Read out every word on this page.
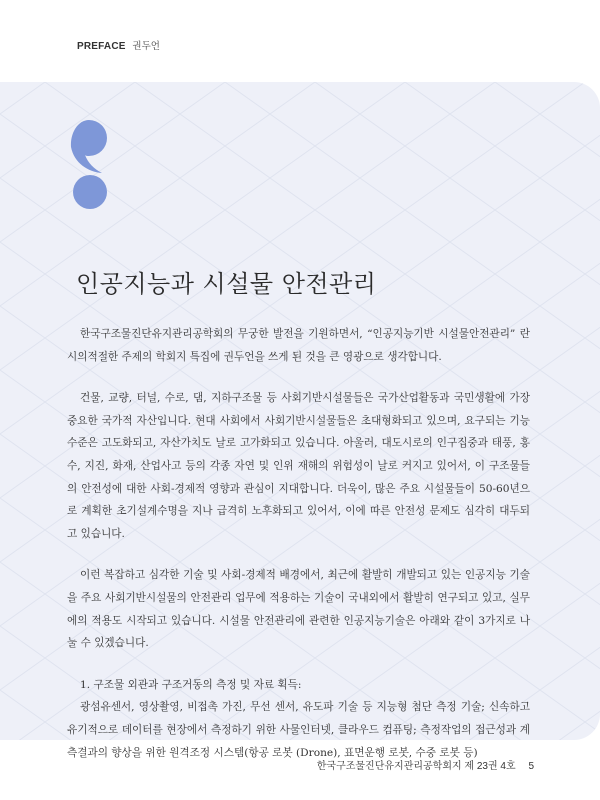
PREFACE 권두언
인공지능과 시설물 안전관리

한국구조물진단유지관리공학회의 무궁한 발전을 기원하면서, “인공지능기반 시설물안전관리” 란 시의적절한 주제의 학회지 특집에 권두언을 쓰게 된 것을 큰 영광으로 생각합니다.

건물, 교량, 터널, 수로, 댐, 지하구조물 등 사회기반시설물들은 국가산업활동과 국민생활에 가장 중요한 국가적 자산입니다. 현대 사회에서 사회기반시설물들은 초대형화되고 있으며, 요구되는 기능 수준은 고도화되고, 자산가치도 날로 고가화되고 있습니다. 아울러, 대도시로의 인구집중과 태풍, 홍수, 지진, 화재, 산업사고 등의 각종 자연 및 인위 재해의 위험성이 날로 커지고 있어서, 이 구조물들의 안전성에 대한 사회-경제적 영향과 관심이 지대합니다. 더욱이, 많은 주요 시설물들이 50-60년으로 계획한 초기설계수명을 지나 급격히 노후화되고 있어서, 이에 따른 안전성 문제도 심각히 대두되고 있습니다.

이런 복잡하고 심각한 기술 및 사회-경제적 배경에서, 최근에 활발히 개발되고 있는 인공지능 기술을 주요 사회기반시설물의 안전관리 업무에 적용하는 기술이 국내외에서 활발히 연구되고 있고, 실무에의 적용도 시작되고 있습니다. 시설물 안전관리에 관련한 인공지능기술은 아래와 같이 3가지로 나눌 수 있겠습니다.

1. 구조물 외관과 구조거동의 측정 및 자료 획득:

광섬유센서, 영상촬영, 비접촉 가진, 무선 센서, 유도파 기술 등 지능형 첨단 측정 기술; 신속하고 유기적으로 데이터를 현장에서 측정하기 위한 사물인터넷, 클라우드 컴퓨팅; 측정작업의 접근성과 계측결과의 향상을 위한 원격조정 시스템(항공 로봇 (Drone), 표면운행 로봇, 수중 로봇 등)

한국구조물진단유지관리공학회지 제 23권 4호 5
